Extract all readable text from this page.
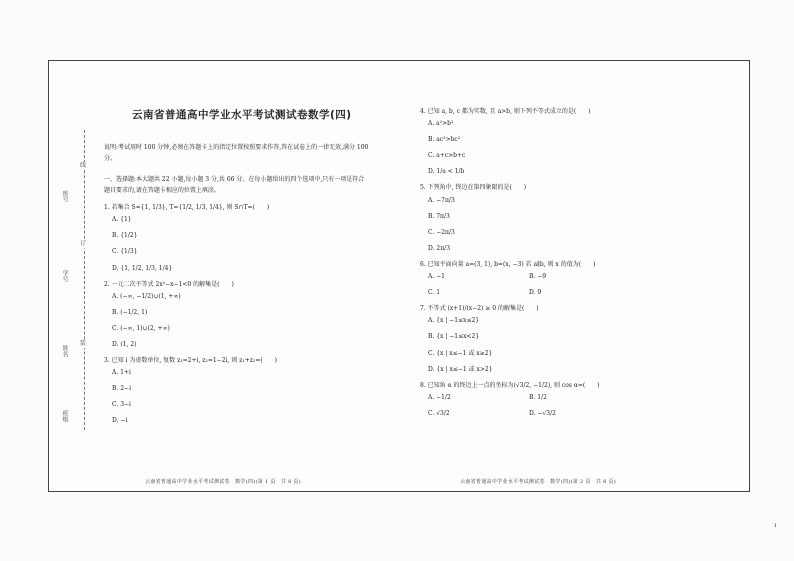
线
订
装
座号
学号
姓名
班级
云南省普通高中学业水平考试测试卷数学(四)
说明:考试用时 100 分钟,必须在答题卡上的指定位置按照要求作答,答在试卷上的一律无效,满分 100 分。
一、选择题:本大题共 22 小题,每小题 3 分,共 66 分。在每小题给出的四个选项中,只有一项是符合题目要求的,请在答题卡相应的位置上填涂。
1. 若集合 S={1, 1/3}, T={1/2, 1/3, 1/4}, 则 S∩T=(　　)
A. {1}
B. {1/2}
C. {1/3}
D. {1, 1/2, 1/3, 1/4}
2. 一元二次不等式 2x²−x−1<0 的解集是(　　)
A. (−∞, −1/2)∪(1, +∞)
B. (−1/2, 1)
C. (−∞, 1)∪(2, +∞)
D. (1, 2)
3. 已知 i 为虚数单位, 复数 z₁=2+i, z₂=1−2i, 则 z₁+z₂=(　　)
A. 1+i
B. 2−i
C. 3−i
D. −i
4. 已知 a, b, c 都为实数, 且 a>b, 则下列不等式成立的是(　　)
A. a²>b²
B. ac²>bc²
C. a+c>b+c
D. 1/a < 1/b
5. 下列角中, 终边在第四象限的是(　　)
A. −7π/3
B. 7π/3
C. −2π/3
D. 2π/3
6. 已知平面向量 a=(3, 1), b=(x, −3) 若 a∥b, 则 x 的值为(　　)
A. −1	B. −9
C. 1	D. 9
7. 不等式 (x+1)/(x−2) ≥ 0 的解集是(　　)
A. {x | −1≤x≤2}
B. {x | −1≤x<2}
C. {x | x≤−1 或 x≥2}
D. {x | x≤−1 或 x>2}
8. 已知角 α 的终边上一点的坐标为(√3/2, −1/2), 则 cos α=(　　)
A. −1/2	B. 1/2
C. √3/2	D. −√3/2
云南省普通高中学业水平考试测试卷　数学(四)(第 1 页　共 8 页)	云南省普通高中学业水平考试测试卷　数学(四)(第 2 页　共 8 页)
1
